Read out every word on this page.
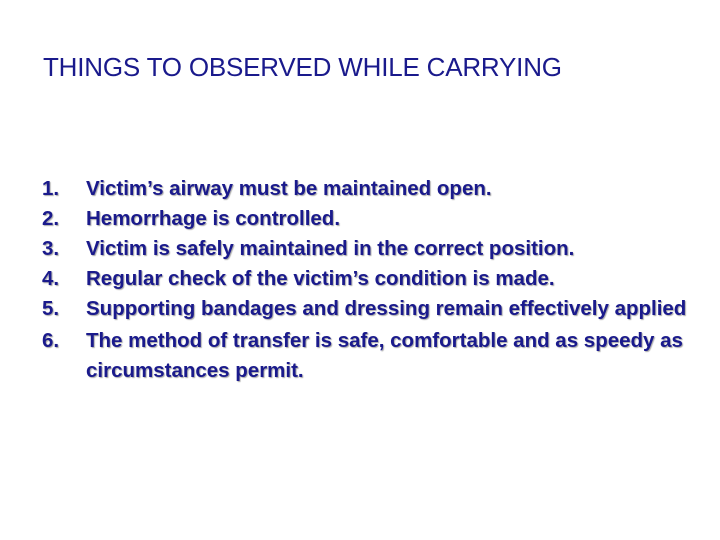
THINGS TO OBSERVED WHILE CARRYING
1.	Victim’s airway must be maintained open.
2.	Hemorrhage is controlled.
3.	Victim is safely maintained in the correct position.
4.	Regular check of the victim’s condition is made.
5.	Supporting bandages and dressing remain effectively applied
6.	The method of transfer is safe, comfortable and as speedy as circumstances permit.
